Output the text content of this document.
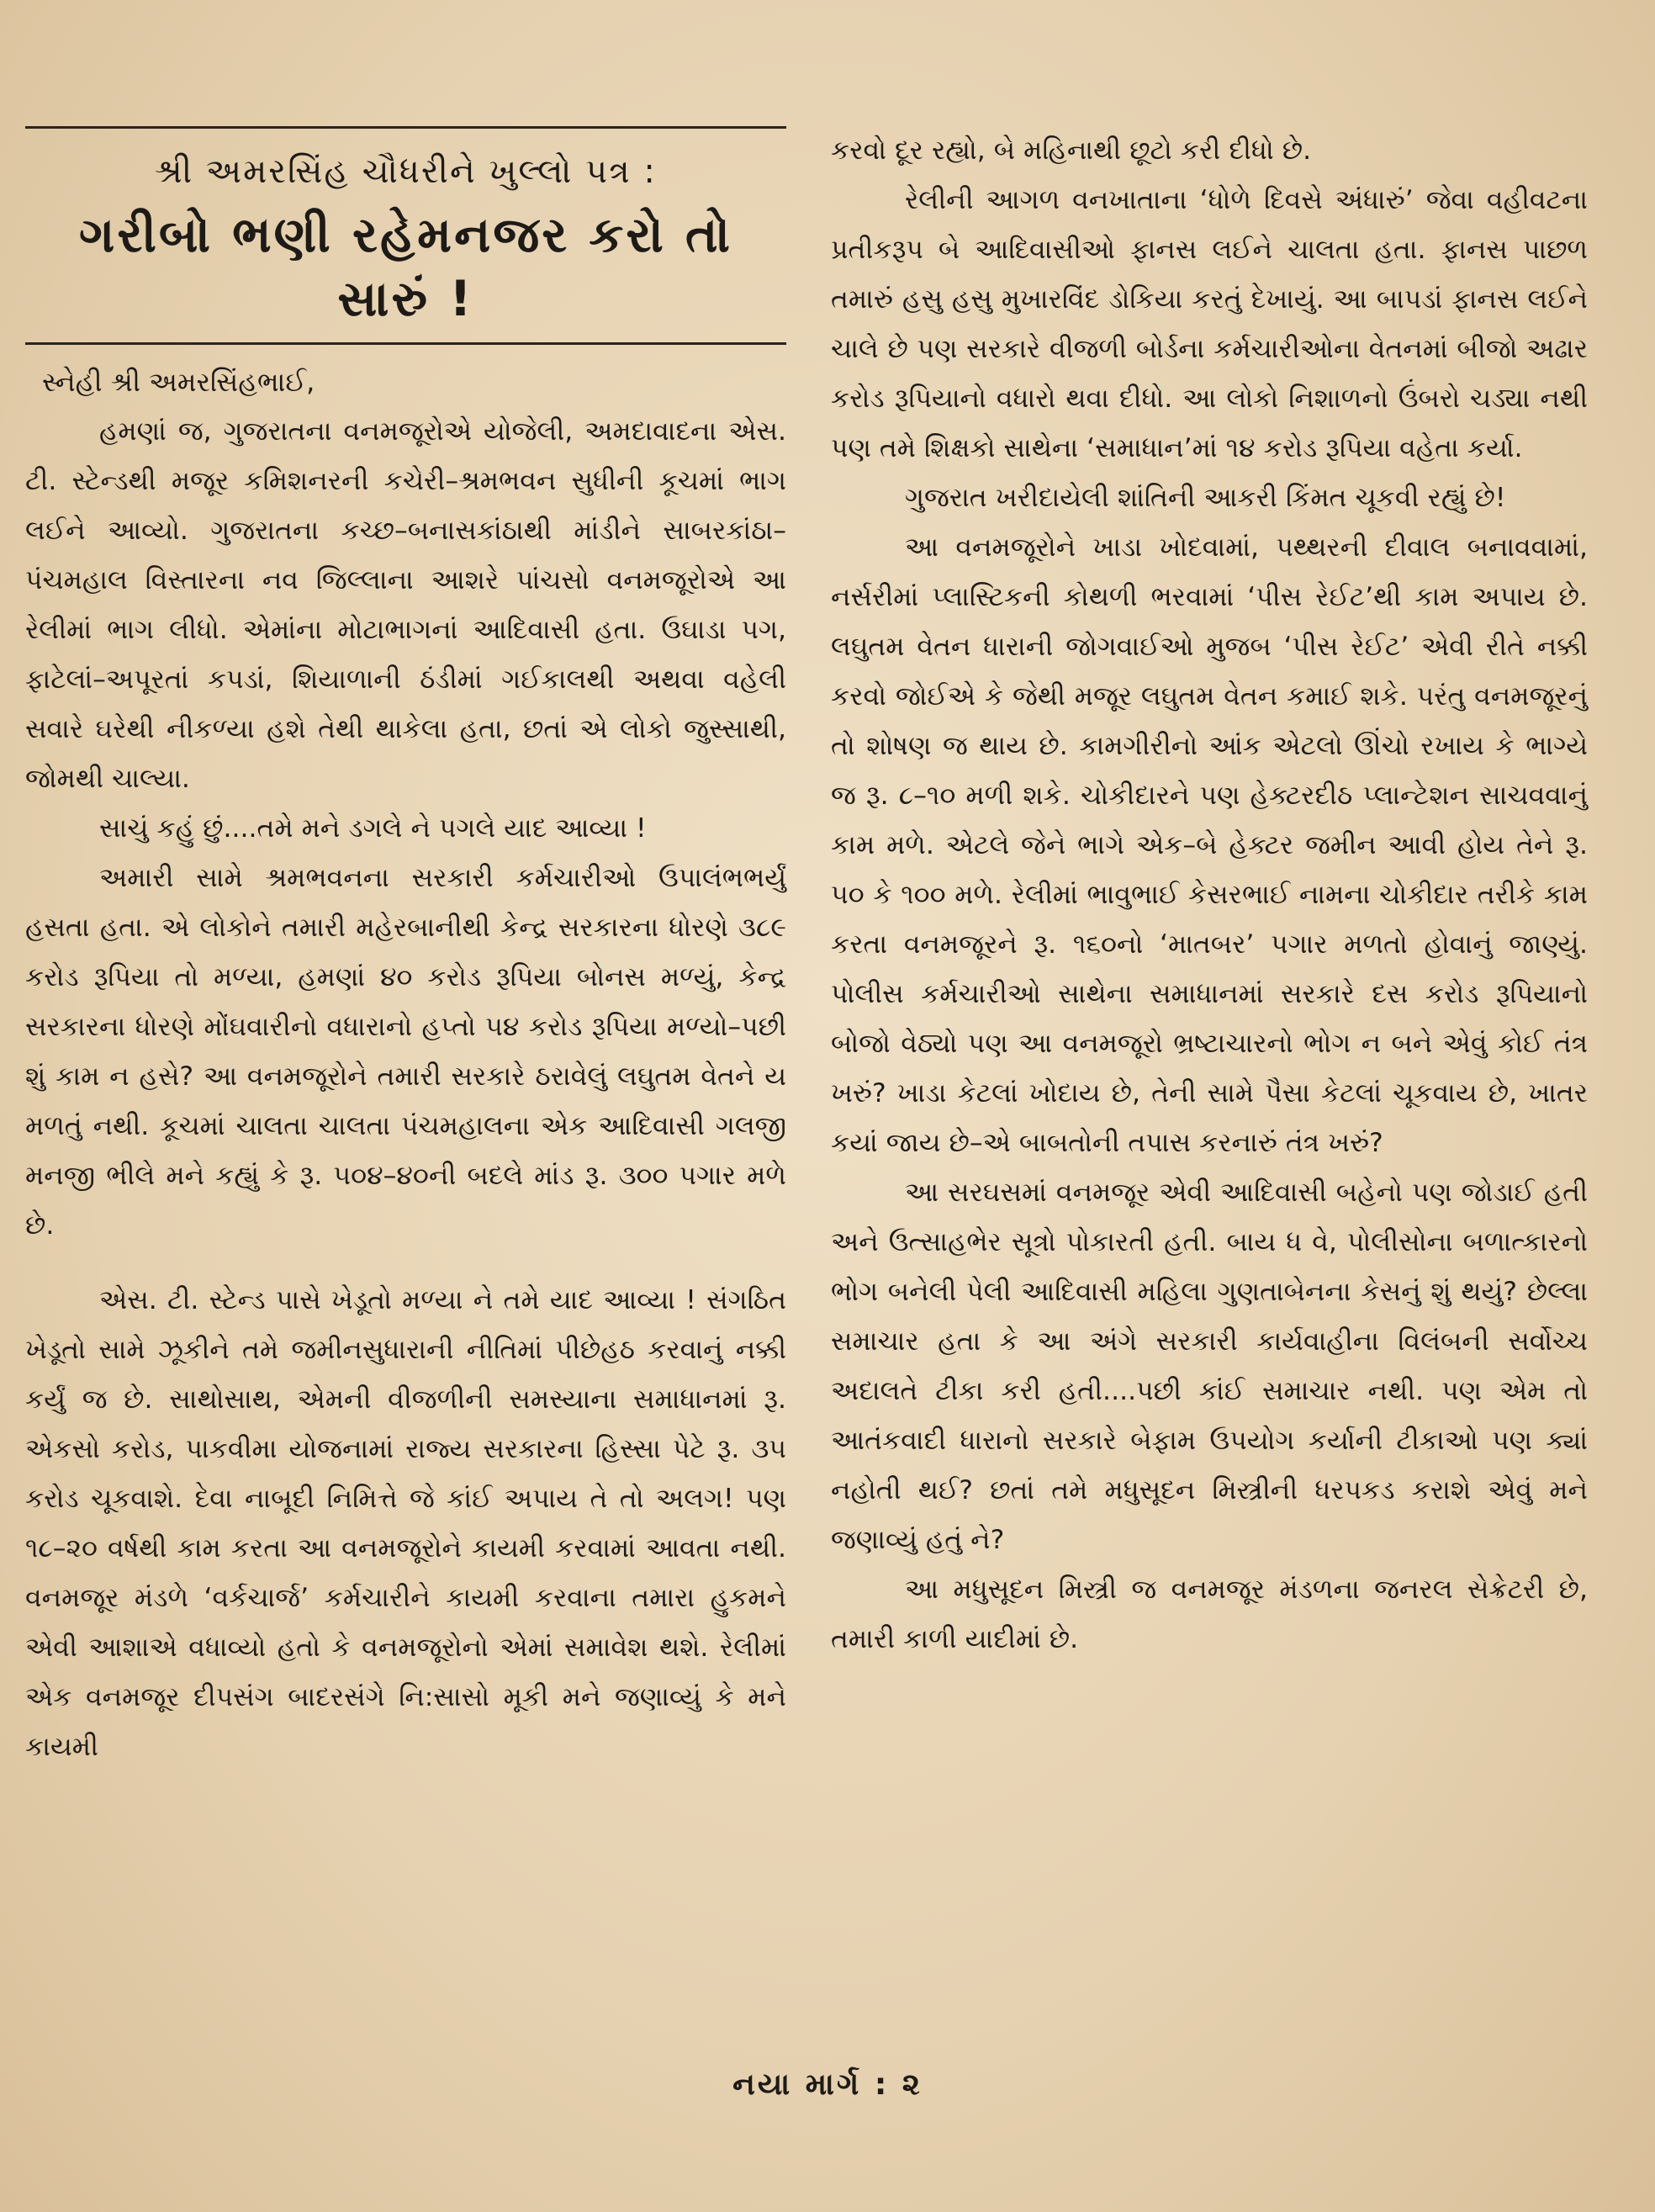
શ્રી અમરસિંહ ચૌધરીને ખુલ્લો પત્ર :
ગરીબો ભણી રહેમનજર કરો તો સારું !
સ્નેહી શ્રી અમરસિંહભાઈ,

હમણાં જ, ગુજરાતના વનમજૂરોએ યોજેલી, અમદાવાદના એસ. ટી. સ્ટેન્ડથી મજૂર કમિશનરની કચેરી–શ્રમભવન સુધીની કૂચમાં ભાગ લઈને આવ્યો. ગુજરાતના કચ્છ–બનાસકાંઠાથી માંડીને સાબરકાંઠા–પંચમહાલ વિસ્તારના નવ જિલ્લાના આશરે પાંચસો વનમજૂરોએ આ રેલીમાં ભાગ લીધો. એમાંના મોટાભાગનાં આદિવાસી હતા. ઉઘાડા પગ, ફાટેલાં–અપૂરતાં કપડાં, શિયાળાની ઠંડીમાં ગઈકાલથી અથવા વહેલી સવારે ઘરેથી નીકળ્યા હશે તેથી થાકેલા હતા, છતાં એ લોકો જુસ્સાથી, જોમથી ચાલ્યા.

સાચું કહું છું....તમે મને ડગલે ને પગલે યાદ આવ્યા !

અમારી સામે શ્રમભવનના સરકારી કર્મચારીઓ ઉપાલંભભર્યું હસતા હતા. એ લોકોને તમારી મહેરબાનીથી કેન્દ્ર સરકારના ધોરણે ૩૮૯ કરોડ રૂપિયા તો મળ્યા, હમણાં ૪૦ કરોડ રૂપિયા બોનસ મળ્યું, કેન્દ્ર સરકારના ધોરણે મોંઘવારીનો વધારાનો હપ્તો ૫૪ કરોડ રૂપિયા મળ્યો–પછી શું કામ ન હસે? આ વનમજૂરોને તમારી સરકારે ઠરાવેલું લઘુતમ વેતને ય મળતું નથી. કૂચમાં ચાલતા ચાલતા પંચમહાલના એક આદિવાસી ગલજી મનજી ભીલે મને કહ્યું કે રૂ. ૫૦૪–૪૦ની બદલે માંડ રૂ. ૩૦૦ પગાર મળે છે.

એસ. ટી. સ્ટેન્ડ પાસે ખેડૂતો મળ્યા ને તમે યાદ આવ્યા ! સંગઠિત ખેડૂતો સામે ઝૂકીને તમે જમીનસુધારાની નીતિમાં પીછેહઠ કરવાનું નક્કી કર્યું જ છે. સાથોસાથ, એમની વીજળીની સમસ્યાના સમાધાનમાં રૂ. એકસો કરોડ, પાકવીમા યોજનામાં રાજ્ય સરકારના હિસ્સા પેટે રૂ. ૩૫ કરોડ ચૂકવાશે. દેવા નાબૂદી નિમિત્તે જે કાંઈ અપાય તે તો અલગ! પણ ૧૮–૨૦ વર્ષથી કામ કરતા આ વનમજૂરોને કાયમી કરવામાં આવતા નથી. વનમજૂર મંડળે ‘વર્કચાર્જ’ કર્મચારીને કાયમી કરવાના તમારા હુકમને એવી આશાએ વધાવ્યો હતો કે વનમજૂરોનો એમાં સમાવેશ થશે. રેલીમાં એક વનમજૂર દીપસંગ બાદરસંગે નિ:સાસો મૂકી મને જણાવ્યું કે મને કાયમી

કરવો દૂર રહ્યો, બે મહિનાથી છૂટો કરી દીધો છે.

રેલીની આગળ વનખાતાના ‘ધોળે દિવસે અંધારું’ જેવા વહીવટના પ્રતીકરૂપ બે આદિવાસીઓ ફાનસ લઈને ચાલતા હતા. ફાનસ પાછળ તમારું હસુ હસુ મુખારવિંદ ડોકિયા કરતું દેખાયું. આ બાપડાં ફાનસ લઈને ચાલે છે પણ સરકારે વીજળી બોર્ડના કર્મચારીઓના વેતનમાં બીજો અઢાર કરોડ રૂપિયાનો વધારો થવા દીધો. આ લોકો નિશાળનો ઉંબરો ચડ્યા નથી પણ તમે શિક્ષકો સાથેના ‘સમાધાન’માં ૧૪ કરોડ રૂપિયા વહેતા કર્યા.

ગુજરાત ખરીદાયેલી શાંતિની આકરી કિંમત ચૂકવી રહ્યું છે!

આ વનમજૂરોને ખાડા ખોદવામાં, પથ્થરની દીવાલ બનાવવામાં, નર્સરીમાં પ્લાસ્ટિકની કોથળી ભરવામાં ‘પીસ રેઈટ’થી કામ અપાય છે. લઘુતમ વેતન ધારાની જોગવાઈઓ મુજબ ‘પીસ રેઈટ’ એવી રીતે નક્કી કરવો જોઈએ કે જેથી મજૂર લઘુતમ વેતન કમાઈ શકે. પરંતુ વનમજૂરનું તો શોષણ જ થાય છે. કામગીરીનો આંક એટલો ઊંચો રખાય કે ભાગ્યે જ રૂ. ૮–૧૦ મળી શકે. ચોકીદારને પણ હેક્ટરદીઠ પ્લાન્ટેશન સાચવવાનું કામ મળે. એટલે જેને ભાગે એક–બે હેક્ટર જમીન આવી હોય તેને રૂ. ૫૦ કે ૧૦૦ મળે. રેલીમાં ભાવુભાઈ કેસરભાઈ નામના ચોકીદાર તરીકે કામ કરતા વનમજૂરને રૂ. ૧૬૦નો ‘માતબર’ પગાર મળતો હોવાનું જાણ્યું. પોલીસ કર્મચારીઓ સાથેના સમાધાનમાં સરકારે દસ કરોડ રૂપિયાનો બોજો વેઠ્યો પણ આ વનમજૂરો ભ્રષ્ટાચારનો ભોગ ન બને એવું કોઈ તંત્ર ખરું? ખાડા કેટલાં ખોદાય છે, તેની સામે પૈસા કેટલાં ચૂકવાય છે, ખાતર કયાં જાય છે–એ બાબતોની તપાસ કરનારું તંત્ર ખરું?

આ સરઘસમાં વનમજૂર એવી આદિવાસી બહેનો પણ જોડાઈ હતી અને ઉત્સાહભેર સૂત્રો પોકારતી હતી. બાય ધ વે, પોલીસોના બળાત્કારનો ભોગ બનેલી પેલી આદિવાસી મહિલા ગુણતાબેનના કેસનું શું થયું? છેલ્લા સમાચાર હતા કે આ અંગે સરકારી કાર્યવાહીના વિલંબની સર્વોચ્ચ અદાલતે ટીકા કરી હતી....પછી કાંઈ સમાચાર નથી. પણ એમ તો આતંકવાદી ધારાનો સરકારે બેફામ ઉપયોગ કર્યાની ટીકાઓ પણ ક્યાં નહોતી થઈ? છતાં તમે મધુસૂદન મિસ્ત્રીની ધરપકડ કરાશે એવું મને જણાવ્યું હતું ને?

આ મધુસૂદન મિસ્ત્રી જ વનમજૂર મંડળના જનરલ સેક્રેટરી છે, તમારી કાળી યાદીમાં છે.

નયા માર્ગ : ૨
